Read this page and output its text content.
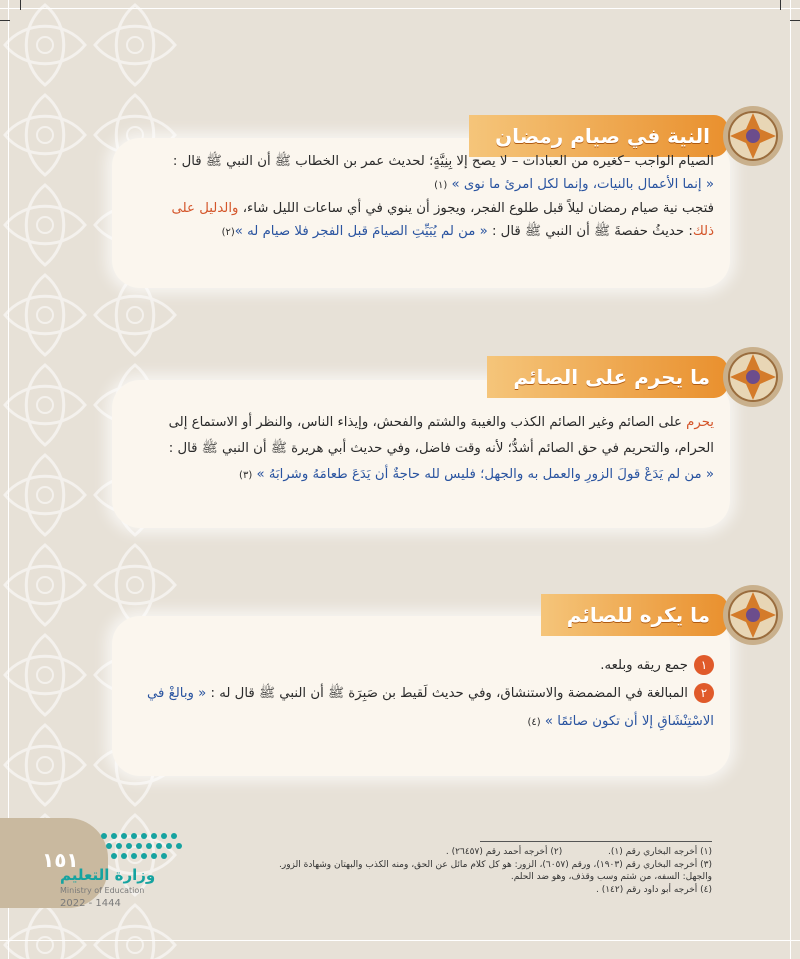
النية في صيام رمضان
الصيام الواجب –كغيره من العبادات – لا يصح إلا بِنِيَّةٍ؛ لحديث عمر بن الخطاب ﷺ أن النبي ﷺ قال :
« إنما الأعمال بالنيات، وإنما لكل امرئ ما نوى » (١)
فتجب نية صيام رمضان ليلاً قبل طلوع الفجر، ويجوز أن ينوي في أي ساعات الليل شاء، والدليل على
ذلك: حديثُ حفصةَ ﷺ أن النبي ﷺ قال : « من لم يُبَيِّتِ الصيامَ قبل الفجر فلا صيام له »(٢)
ما يحرم على الصائم
يحرم على الصائم وغير الصائم الكذب والغيبة والشتم والفحش، وإيذاء الناس، والنظر أو الاستماع إلى
الحرام، والتحريم في حق الصائم أشدُّ؛ لأنه وقت فاضل، وفي حديث أبي هريرة ﷺ أن النبي ﷺ قال :
« من لم يَدَعْ قولَ الزورِ والعمل به والجهل؛ فليس لله حاجةٌ أن يَدَعَ طعامَهُ وشرابَهُ » (٣)
ما يكره للصائم
١جمع ريقه وبلعه.
٢المبالغة في المضمضة والاستنشاق، وفي حديث لَقيط بن صَبِرَة ﷺ أن النبي ﷺ قال له : « وبالغْ في
الاسْتِنْشَاقِ إلا أن تكون صائمًا » (٤)
(١) أخرجه البخاري رقم (١).                (٢) أخرجه أحمد رقم (٢٦٤٥٧) .
(٣) أخرجه البخاري رقم (١٩٠٣)، ورقم (٦٠٥٧)، الزور: هو كل كلام مائل عن الحق، ومنه الكذب والبهتان وشهادة الزور.
والجهل: السفه، من شتم وسب وقذف، وهو ضد الحلم.
(٤) أخرجه أبو داود رقم (١٤٢) .
١٥١
وزارة التعليم
Ministry of Education
2022 - 1444
